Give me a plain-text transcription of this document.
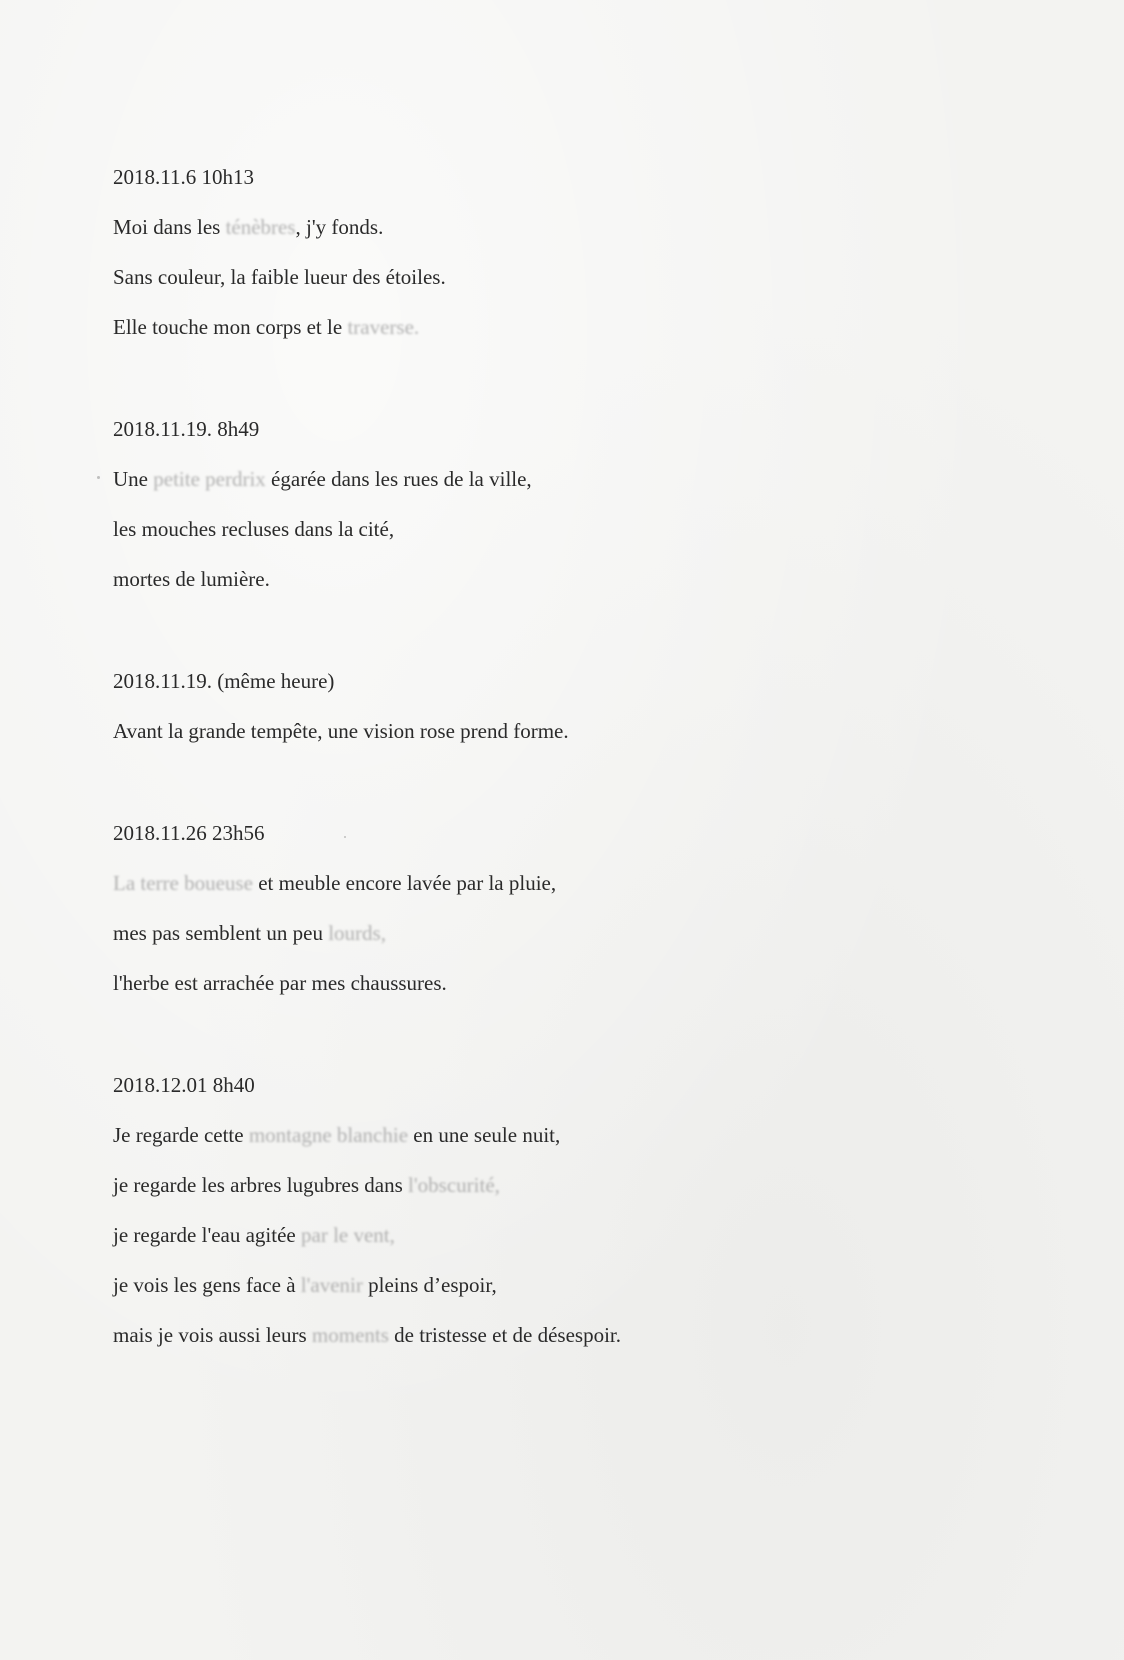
2018.11.6 10h13
Moi dans les ténèbres, j'y fonds.
Sans couleur, la faible lueur des étoiles.
Elle touche mon corps et le traverse.
2018.11.19. 8h49
Une petite perdrix égarée dans les rues de la ville,
les mouches recluses dans la cité,
mortes de lumière.
2018.11.19. (même heure)
Avant la grande tempête, une vision rose prend forme.
2018.11.26 23h56
La terre boueuse et meuble encore lavée par la pluie,
mes pas semblent un peu lourds,
l'herbe est arrachée par mes chaussures.
2018.12.01 8h40
Je regarde cette montagne blanchie en une seule nuit,
je regarde les arbres lugubres dans l'obscurité,
je regarde l'eau agitée par le vent,
je vois les gens face à l'avenir pleins d’espoir,
mais je vois aussi leurs moments de tristesse et de désespoir.
